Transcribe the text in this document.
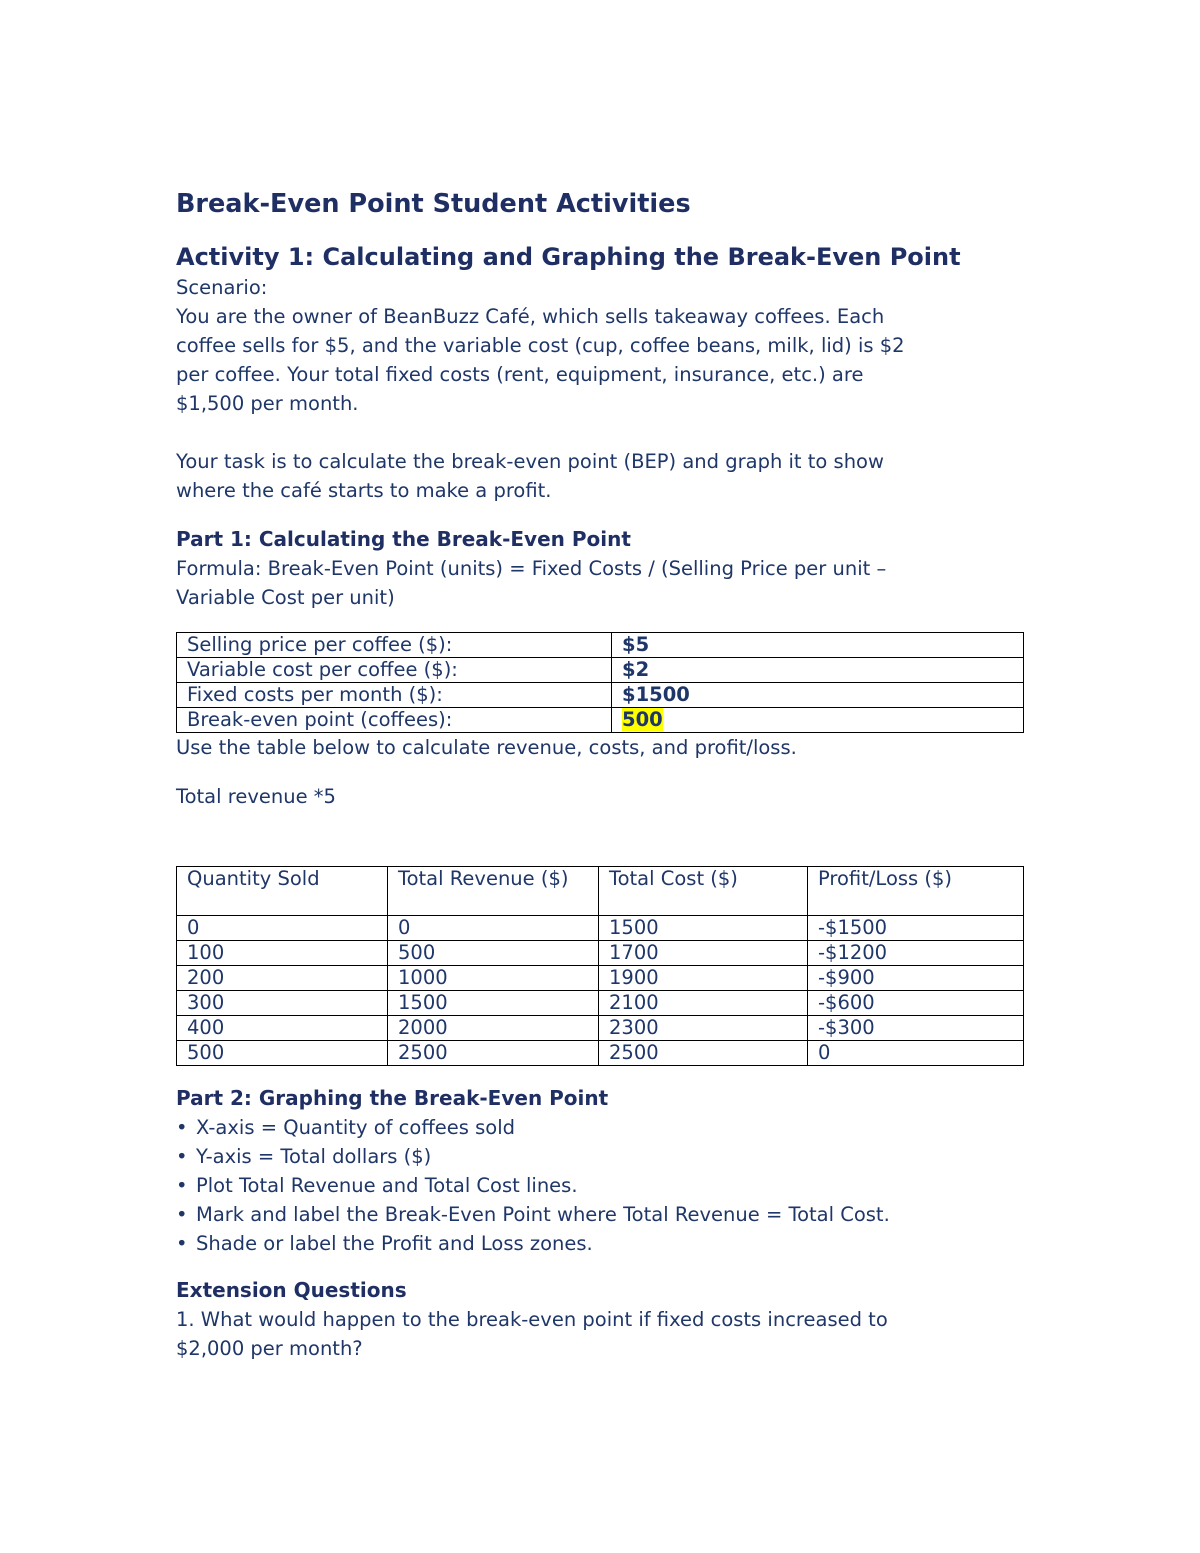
Break-Even Point Student Activities
Activity 1: Calculating and Graphing the Break-Even Point

Scenario:

You are the owner of BeanBuzz Café, which sells takeaway coffees. Each

coffee sells for $5, and the variable cost (cup, coffee beans, milk, lid) is $2

per coffee. Your total fixed costs (rent, equipment, insurance, etc.) are

$1,500 per month.

Your task is to calculate the break-even point (BEP) and graph it to show

where the café starts to make a profit.

Part 1: Calculating the Break-Even Point

Formula: Break-Even Point (units) = Fixed Costs / (Selling Price per unit –

Variable Cost per unit)

Selling price per coffee ($):	$5
Variable cost per coffee ($):	$2
Fixed costs per month ($):	$1500
Break-even point (coffees):	500

Use the table below to calculate revenue, costs, and profit/loss.

Total revenue *5

Quantity Sold	Total Revenue ($)	Total Cost ($)	Profit/Loss ($)
0	0	1500	-$1500
100	500	1700	-$1200
200	1000	1900	-$900
300	1500	2100	-$600
400	2000	2300	-$300
500	2500	2500	0
Part 2: Graphing the Break-Even Point
• X-axis = Quantity of coffees sold
• Y-axis = Total dollars ($)
• Plot Total Revenue and Total Cost lines.
• Mark and label the Break-Even Point where Total Revenue = Total Cost.
• Shade or label the Profit and Loss zones.
Extension Questions

1. What would happen to the break-even point if fixed costs increased to

$2,000 per month?
